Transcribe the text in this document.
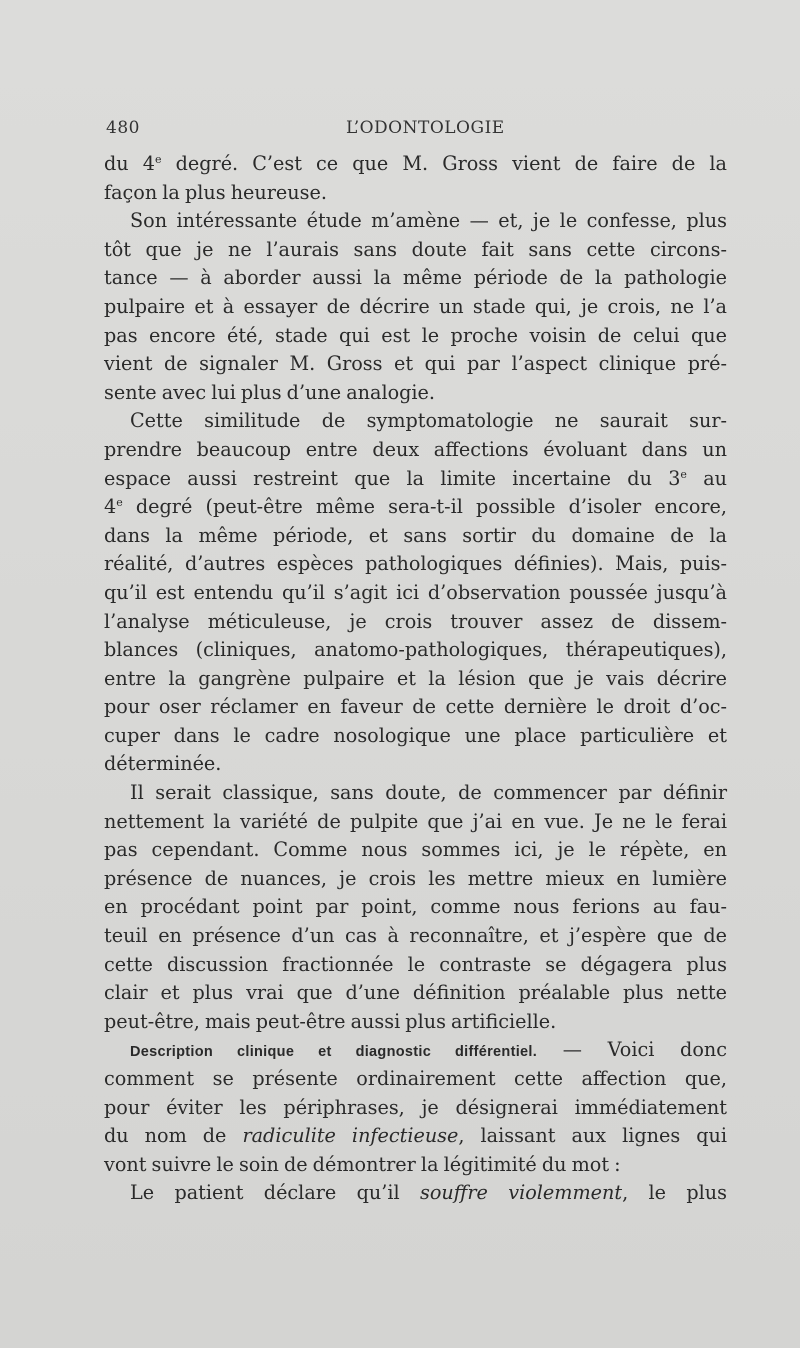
480	L’ODONTOLOGIE
du 4e degré. C’est ce que M. Gross vient de faire de la
façon la plus heureuse.
Son intéressante étude m’amène — et, je le confesse, plus
tôt que je ne l’aurais sans doute fait sans cette circons-
tance — à aborder aussi la même période de la pathologie
pulpaire et à essayer de décrire un stade qui, je crois, ne l’a
pas encore été, stade qui est le proche voisin de celui que
vient de signaler M. Gross et qui par l’aspect clinique pré-
sente avec lui plus d’une analogie.
Cette similitude de symptomatologie ne saurait sur-
prendre beaucoup entre deux affections évoluant dans un
espace aussi restreint que la limite incertaine du 3e au
4e degré (peut-être même sera-t-il possible d’isoler encore,
dans la même période, et sans sortir du domaine de la
réalité, d’autres espèces pathologiques définies). Mais, puis-
qu’il est entendu qu’il s’agit ici d’observation poussée jusqu’à
l’analyse méticuleuse, je crois trouver assez de dissem-
blances (cliniques, anatomo-pathologiques, thérapeutiques),
entre la gangrène pulpaire et la lésion que je vais décrire
pour oser réclamer en faveur de cette dernière le droit d’oc-
cuper dans le cadre nosologique une place particulière et
déterminée.
Il serait classique, sans doute, de commencer par définir
nettement la variété de pulpite que j’ai en vue. Je ne le ferai
pas cependant. Comme nous sommes ici, je le répète, en
présence de nuances, je crois les mettre mieux en lumière
en procédant point par point, comme nous ferions au fau-
teuil en présence d’un cas à reconnaître, et j’espère que de
cette discussion fractionnée le contraste se dégagera plus
clair et plus vrai que d’une définition préalable plus nette
peut-être, mais peut-être aussi plus artificielle.
Description clinique et diagnostic différentiel. — Voici donc
comment se présente ordinairement cette affection que,
pour éviter les périphrases, je désignerai immédiatement
du nom de radiculite infectieuse, laissant aux lignes qui
vont suivre le soin de démontrer la légitimité du mot :
Le patient déclare qu’il souffre violemment, le plus
